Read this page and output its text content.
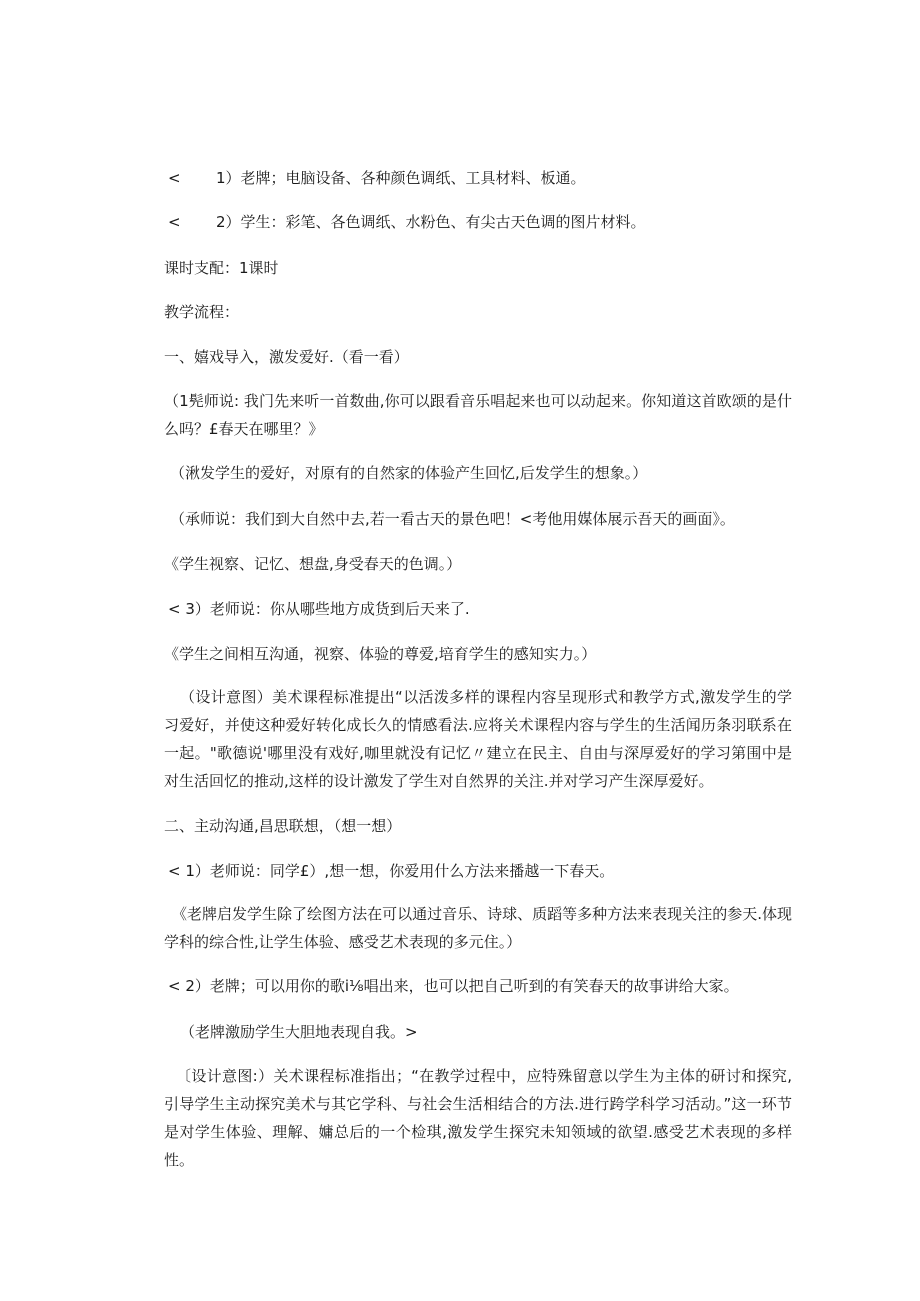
< 1）老牌；电脑设备、各种颜色调纸、工具材料、板通。
< 2）学生：彩笔、各色调纸、水粉色、有尖古天色调的图片材料。
课时支配：1课时
教学流程：
一、嬉戏导入，激发爱好.（看一看）
（1髡师说: 我门先来听一首数曲,你可以跟看音乐唱起来也可以动起来。你知道这首欧颂的是什么吗？£春天在哪里？》
（湫发学生的爱好，对原有的自然家的体验产生回忆,后发学生的想象。）
（承师说：我们到大自然中去,若一看古天的景色吧！<考他用媒体展示吾天的画面》。
《学生视察、记忆、想盘,身受春天的色调。）
< 3）老师说：你从哪些地方成货到后天来了.
《学生之间相互沟通，视察、体验的尊爱,培育学生的感知实力。）
（设计意图）美术课程标准提出“以活泼多样的课程内容呈现形式和教学方式,激发学生的学习爱好，并使这种爱好转化成长久的情感看法.应将关术课程内容与学生的生活闻历条羽联系在一起。"歌德说'哪里没有戏好,咖里就没有记忆〃建立在民主、自由与深厚爱好的学习第围中是对生活回忆的推动,这样的设计激发了学生对自然界的关注.并对学习产生深厚爱好。
二、主动沟通,昌思联想，（想一想）
< 1）老师说：同学£）,想一想，你爱用什么方法来播越一下春天。
《老牌启发学生除了绘图方法在可以通过音乐、诗球、质蹈等多种方法来表现关注的参天.体现学科的综合性,让学生体验、感受艺术表现的多元住。）
< 2）老牌；可以用你的歌i⅛唱出来，也可以把自己听到的有笑春天的故事讲给大家。
（老牌激励学生大胆地表现自我。>
〔设计意图:）关术课程标准指出；“在教学过程中，应特殊留意以学生为主体的研讨和探究,引导学生主动探究美术与其它学科、与社会生活相结合的方法.进行跨学科学习活动。”这一环节是对学生体验、理解、嫞总后的一个检琪,激发学生探究未知领域的欲望.感受艺术表现的多样性。
